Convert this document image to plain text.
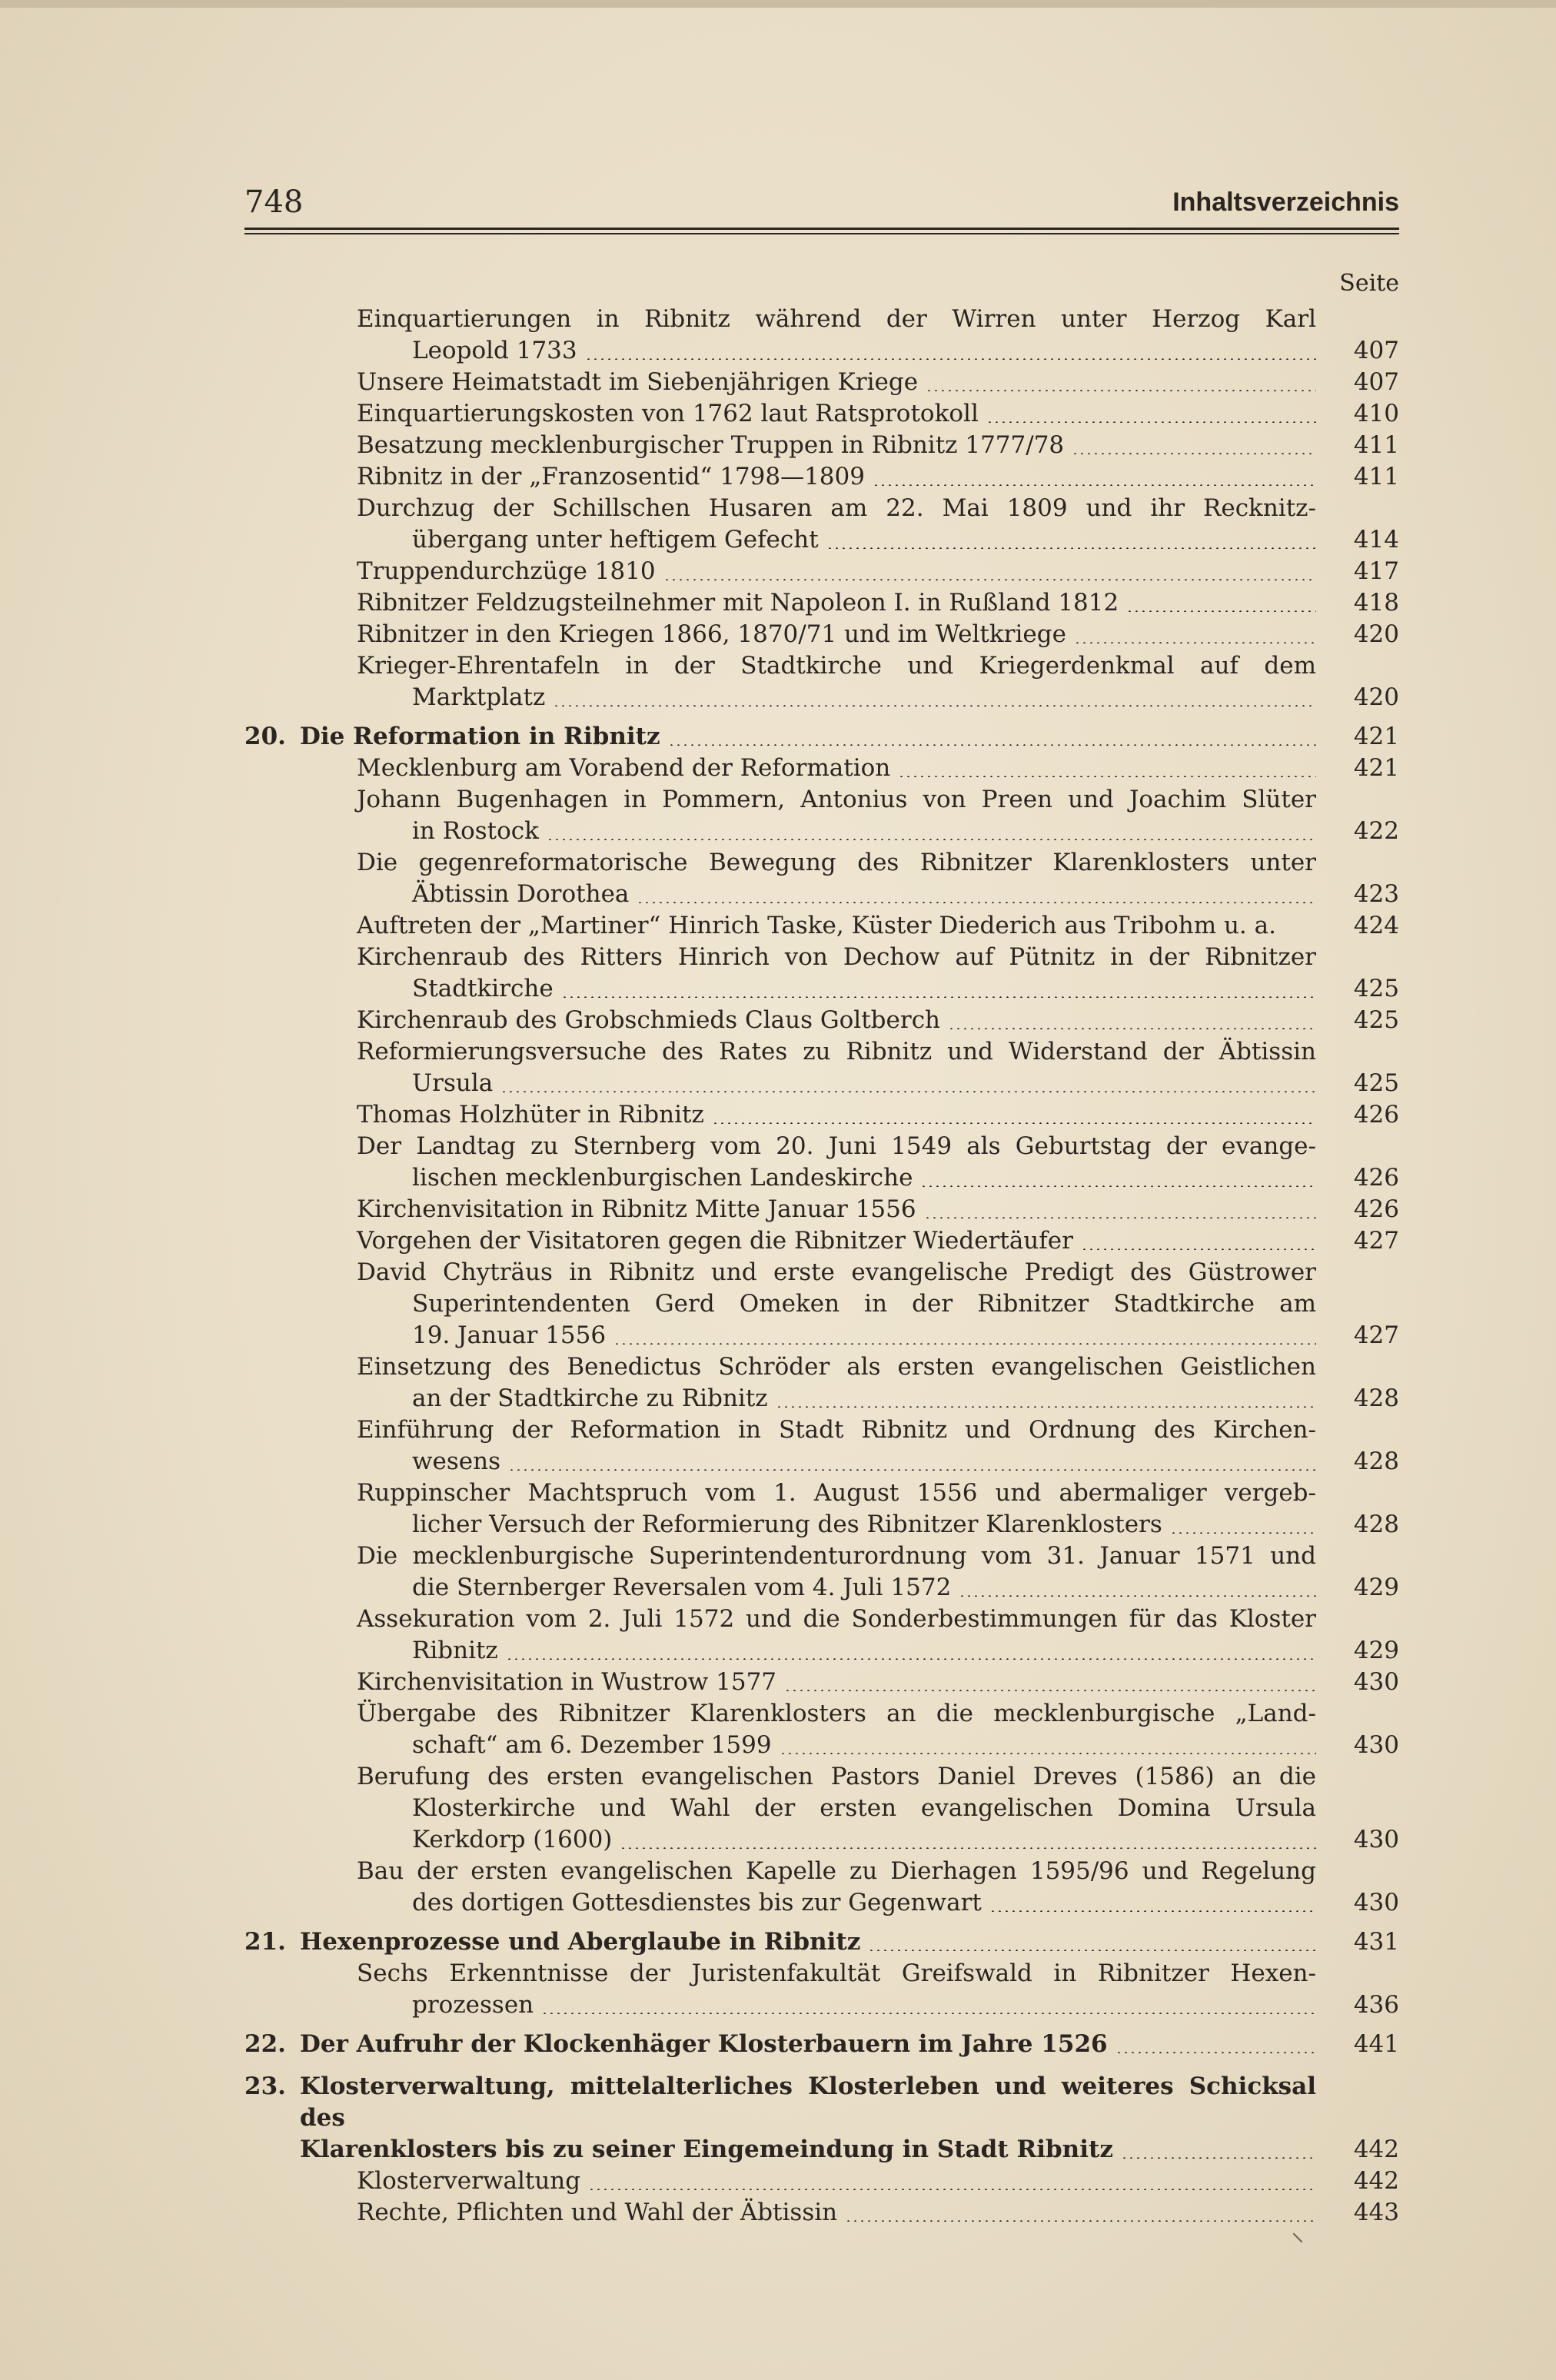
748	Inhaltsverzeichnis
Seite
Einquartierungen in Ribnitz während der Wirren unter Herzog Karl
Leopold 1733	407
Unsere Heimatstadt im Siebenjährigen Kriege	407
Einquartierungskosten von 1762 laut Ratsprotokoll	410
Besatzung mecklenburgischer Truppen in Ribnitz 1777/78	411
Ribnitz in der „Franzosentid“ 1798—1809	411
Durchzug der Schillschen Husaren am 22. Mai 1809 und ihr Recknitz-
übergang unter heftigem Gefecht	414
Truppendurchzüge 1810	417
Ribnitzer Feldzugsteilnehmer mit Napoleon I. in Rußland 1812	418
Ribnitzer in den Kriegen 1866, 1870/71 und im Weltkriege	420
Krieger-Ehrentafeln in der Stadtkirche und Kriegerdenkmal auf dem
Marktplatz	420
20. Die Reformation in Ribnitz	421
Mecklenburg am Vorabend der Reformation	421
Johann Bugenhagen in Pommern, Antonius von Preen und Joachim Slüter
in Rostock	422
Die gegenreformatorische Bewegung des Ribnitzer Klarenklosters unter
Äbtissin Dorothea	423
Auftreten der „Martiner“ Hinrich Taske, Küster Diederich aus Tribohm u. a.	424
Kirchenraub des Ritters Hinrich von Dechow auf Pütnitz in der Ribnitzer
Stadtkirche	425
Kirchenraub des Grobschmieds Claus Goltberch	425
Reformierungsversuche des Rates zu Ribnitz und Widerstand der Äbtissin
Ursula	425
Thomas Holzhüter in Ribnitz	426
Der Landtag zu Sternberg vom 20. Juni 1549 als Geburtstag der evange-
lischen mecklenburgischen Landeskirche	426
Kirchenvisitation in Ribnitz Mitte Januar 1556	426
Vorgehen der Visitatoren gegen die Ribnitzer Wiedertäufer	427
David Chyträus in Ribnitz und erste evangelische Predigt des Güstrower
Superintendenten Gerd Omeken in der Ribnitzer Stadtkirche am
19. Januar 1556	427
Einsetzung des Benedictus Schröder als ersten evangelischen Geistlichen
an der Stadtkirche zu Ribnitz	428
Einführung der Reformation in Stadt Ribnitz und Ordnung des Kirchen-
wesens	428
Ruppinscher Machtspruch vom 1. August 1556 und abermaliger vergeb-
licher Versuch der Reformierung des Ribnitzer Klarenklosters	428
Die mecklenburgische Superintendenturordnung vom 31. Januar 1571 und
die Sternberger Reversalen vom 4. Juli 1572	429
Assekuration vom 2. Juli 1572 und die Sonderbestimmungen für das Kloster
Ribnitz	429
Kirchenvisitation in Wustrow 1577	430
Übergabe des Ribnitzer Klarenklosters an die mecklenburgische „Land-
schaft“ am 6. Dezember 1599	430
Berufung des ersten evangelischen Pastors Daniel Dreves (1586) an die
Klosterkirche und Wahl der ersten evangelischen Domina Ursula
Kerkdorp (1600)	430
Bau der ersten evangelischen Kapelle zu Dierhagen 1595/96 und Regelung
des dortigen Gottesdienstes bis zur Gegenwart	430
21. Hexenprozesse und Aberglaube in Ribnitz	431
Sechs Erkenntnisse der Juristenfakultät Greifswald in Ribnitzer Hexen-
prozessen	436
22. Der Aufruhr der Klockenhäger Klosterbauern im Jahre 1526	441
23. Klosterverwaltung, mittelalterliches Klosterleben und weiteres Schicksal des
Klarenklosters bis zu seiner Eingemeindung in Stadt Ribnitz	442
Klosterverwaltung	442
Rechte, Pflichten und Wahl der Äbtissin	443
